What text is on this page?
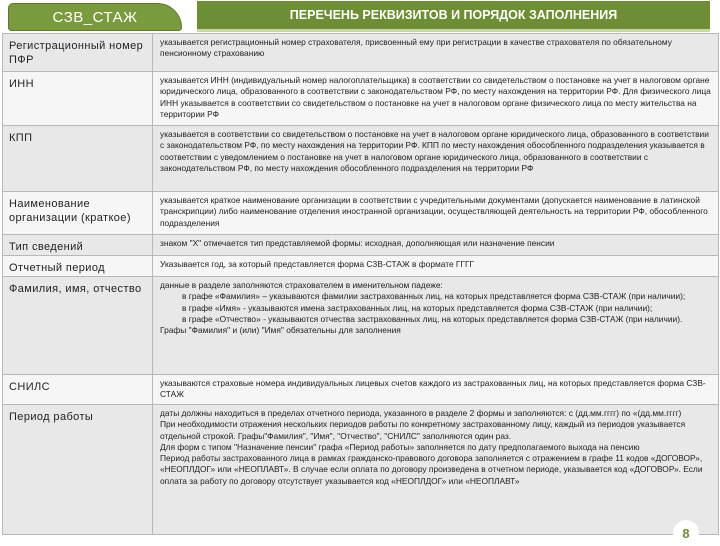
СЗВ_СТАЖ	ПЕРЕЧЕНЬ РЕКВИЗИТОВ И ПОРЯДОК ЗАПОЛНЕНИЯ
Регистрационный номер ПФР	указывается регистрационный номер страхователя, присвоенный ему при регистрации в качестве страхователя по обязательному пенсионному страхованию

ИНН	указывается ИНН (индивидуальный номер налогоплательщика) в соответствии со свидетельством о постановке на учет в налоговом органе юридического лица, образованного в соответствии с законодательством РФ, по месту нахождения на территории РФ. Для физического лица ИНН указывается в соответствии со свидетельством о постановке на учет в налоговом органе физического лица по месту жительства на территории РФ

КПП	указывается в соответствии со свидетельством о постановке на учет в налоговом органе юридического лица, образованного в соответствии с законодательством РФ, по месту нахождения на территории РФ. КПП по месту нахождения обособленного подразделения указывается в соответствии с уведомлением о постановке на учет в налоговом органе юридического лица, образованного в соответствии с законодательством РФ, по месту нахождения обособленного подразделения на территории РФ

Наименование организации (краткое)	указывается краткое наименование организации в соответствии с учредительными документами (допускается наименование в латинской транскрипции) либо наименование отделения иностранной организации, осуществляющей деятельность на территории РФ, обособленного подразделения

Тип сведений	знаком "Х" отмечается тип представляемой формы: исходная, дополняющая или назначение пенсии

Отчетный период	Указывается год, за который представляется форма СЗВ-СТАЖ в формате ГГГГ

Фамилия, имя, отчество	данные в разделе заполняются страхователем в именительном падеже:
в графе «Фамилия» – указываются фамилии застрахованных лиц, на которых представляется форма СЗВ-СТАЖ (при наличии);
в графе «Имя» - указываются имена застрахованных лиц, на которых представляется форма СЗВ-СТАЖ (при наличии);
в графе «Отчество» - указываются отчества застрахованных лиц, на которых представляется форма СЗВ-СТАЖ (при наличии).
Графы "Фамилия" и (или) "Имя" обязательны для заполнения

СНИЛС	указываются страховые номера индивидуальных лицевых счетов каждого из застрахованных лиц, на которых представляется форма СЗВ-СТАЖ

Период работы	даты должны находиться в пределах отчетного периода, указанного в разделе 2 формы и заполняются: с (дд.мм.гггг) по «(дд.мм.гггг)
При необходимости отражения нескольких периодов работы по конкретному застрахованному лицу, каждый из периодов указывается отдельной строкой. Графы"Фамилия", "Имя", "Отчество", "СНИЛС" заполняются один раз.
Для форм с типом "Назначение пенсии" графа «Период работы» заполняется по дату предполагаемого выхода на пенсию
Период работы застрахованного лица в рамках гражданско-правового договора заполняется с отражением в графе 11 кодов «ДОГОВОР», «НЕОПЛДОГ» или «НЕОПЛАВТ». В случае если оплата по договору произведена в отчетном периоде, указывается код «ДОГОВОР». Если оплата за работу по договору отсутствует указывается код «НЕОПЛДОГ» или «НЕОПЛАВТ»
8
